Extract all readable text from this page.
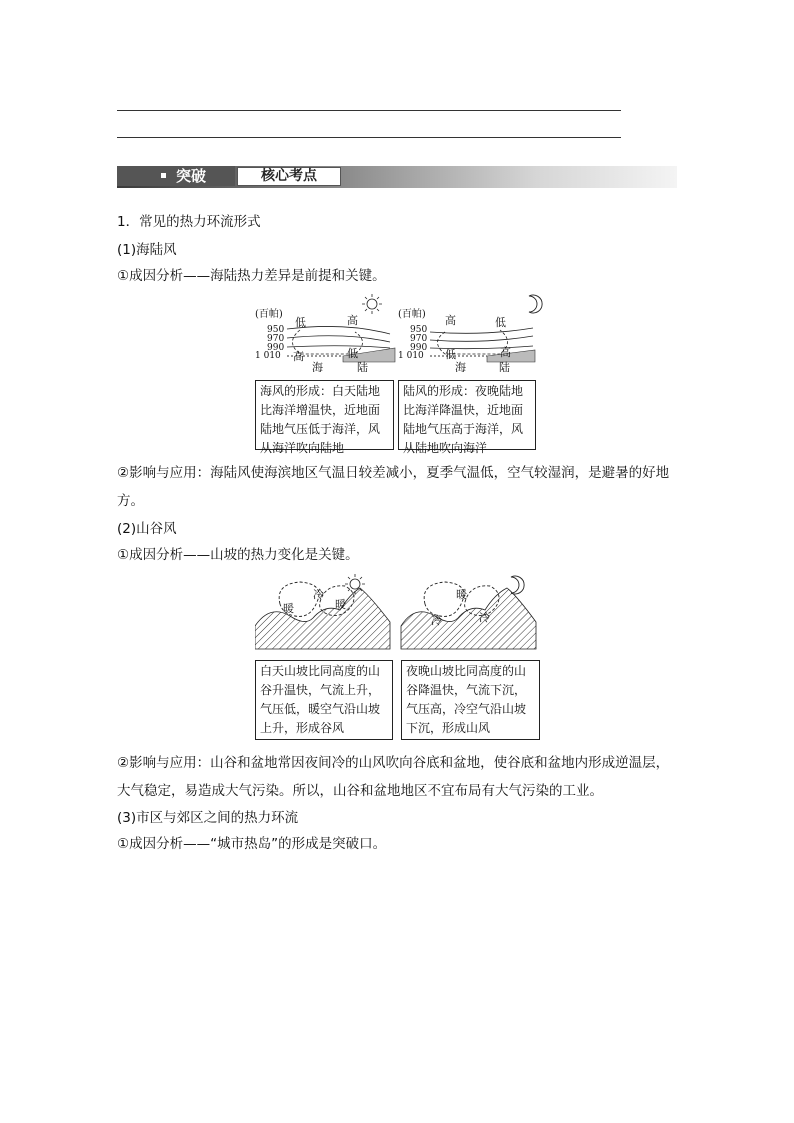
突破	核心考点
1．常见的热力环流形式
(1)海陆风
①成因分析——海陆热力差异是前提和关键。
(百帕)
950
970
990
1 010
低	高
高	低
海	陆
(百帕)
950
970
990
1 010
高	低
低	高
海	陆
海风的形成：白天陆地比海洋增温快，近地面陆地气压低于海洋，风从海洋吹向陆地
陆风的形成：夜晚陆地比海洋降温快，近地面陆地气压高于海洋，风从陆地吹向海洋
②影响与应用：海陆风使海滨地区气温日较差减小，夏季气温低，空气较湿润，是避暑的好地方。
(2)山谷风
①成因分析——山坡的热力变化是关键。
冷
暖	暖
暖
冷	冷
白天山坡比同高度的山谷升温快，气流上升，气压低，暖空气沿山坡上升，形成谷风
夜晚山坡比同高度的山谷降温快，气流下沉，气压高，冷空气沿山坡下沉，形成山风
②影响与应用：山谷和盆地常因夜间冷的山风吹向谷底和盆地，使谷底和盆地内形成逆温层，大气稳定，易造成大气污染。所以，山谷和盆地地区不宜布局有大气污染的工业。
(3)市区与郊区之间的热力环流
①成因分析——“城市热岛”的形成是突破口。
